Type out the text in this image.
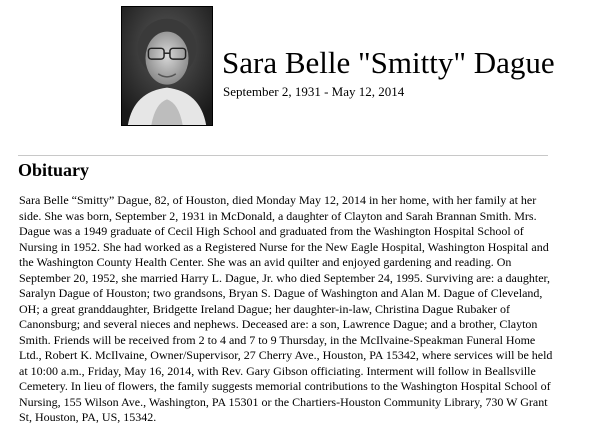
Sara Belle "Smitty" Dague
September 2, 1931 - May 12, 2014
Obituary

Sara Belle “Smitty” Dague, 82, of Houston, died Monday May 12, 2014 in her home, with her family at her side. She was born, September 2, 1931 in McDonald, a daughter of Clayton and Sarah Brannan Smith. Mrs. Dague was a 1949 graduate of Cecil High School and graduated from the Washington Hospital School of Nursing in 1952. She had worked as a Registered Nurse for the New Eagle Hospital, Washington Hospital and the Washington County Health Center. She was an avid quilter and enjoyed gardening and reading. On September 20, 1952, she married Harry L. Dague, Jr. who died September 24, 1995. Surviving are: a daughter, Saralyn Dague of Houston; two grandsons, Bryan S. Dague of Washington and Alan M. Dague of Cleveland, OH; a great granddaughter, Bridgette Ireland Dague; her daughter-in-law, Christina Dague Rubaker of Canonsburg; and several nieces and nephews. Deceased are: a son, Lawrence Dague; and a brother, Clayton Smith. Friends will be received from 2 to 4 and 7 to 9 Thursday, in the McIlvaine-Speakman Funeral Home Ltd., Robert K. McIlvaine, Owner/Supervisor, 27 Cherry Ave., Houston, PA 15342, where services will be held at 10:00 a.m., Friday, May 16, 2014, with Rev. Gary Gibson officiating. Interment will follow in Beallsville Cemetery. In lieu of flowers, the family suggests memorial contributions to the Washington Hospital School of Nursing, 155 Wilson Ave., Washington, PA 15301 or the Chartiers-Houston Community Library, 730 W Grant St, Houston, PA, US, 15342.
